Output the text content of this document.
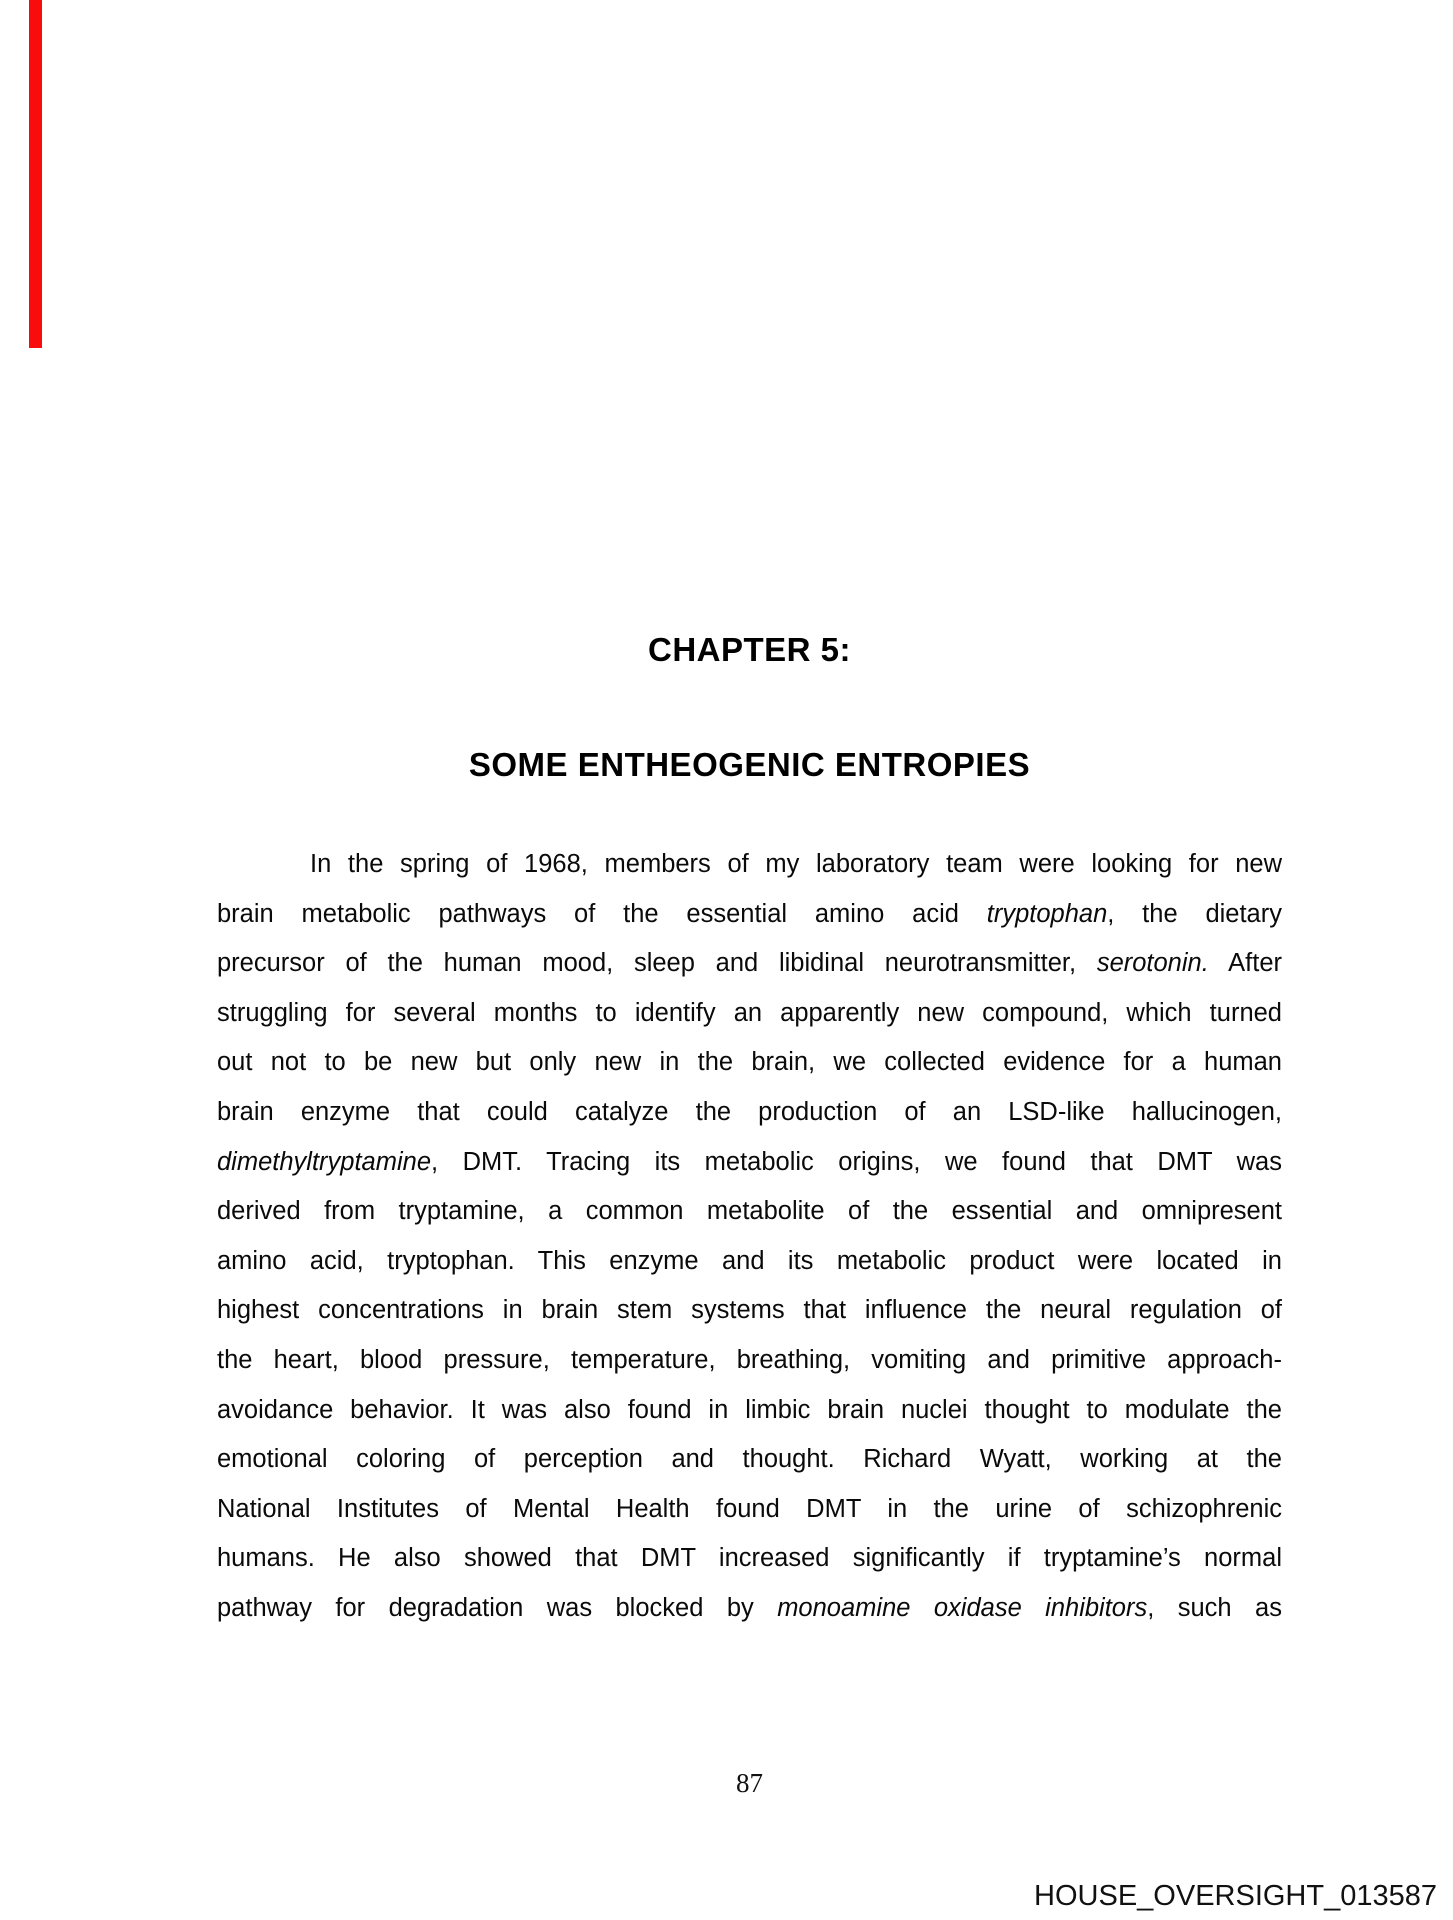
CHAPTER 5:
SOME ENTHEOGENIC ENTROPIES
In the spring of 1968, members of my laboratory team were looking for new
brain metabolic pathways of the essential amino acid tryptophan, the dietary
precursor of the human mood, sleep and libidinal neurotransmitter, serotonin. After
struggling for several months to identify an apparently new compound, which turned
out not to be new but only new in the brain, we collected evidence for a human
brain enzyme that could catalyze the production of an LSD-like hallucinogen,
dimethyltryptamine, DMT. Tracing its metabolic origins, we found that DMT was
derived from tryptamine, a common metabolite of the essential and omnipresent
amino acid, tryptophan. This enzyme and its metabolic product were located in
highest concentrations in brain stem systems that influence the neural regulation of
the heart, blood pressure, temperature, breathing, vomiting and primitive approach-
avoidance behavior. It was also found in limbic brain nuclei thought to modulate the
emotional coloring of perception and thought. Richard Wyatt, working at the
National Institutes of Mental Health found DMT in the urine of schizophrenic
humans. He also showed that DMT increased significantly if tryptamine’s normal
pathway for degradation was blocked by monoamine oxidase inhibitors, such as
87
HOUSE_OVERSIGHT_013587
